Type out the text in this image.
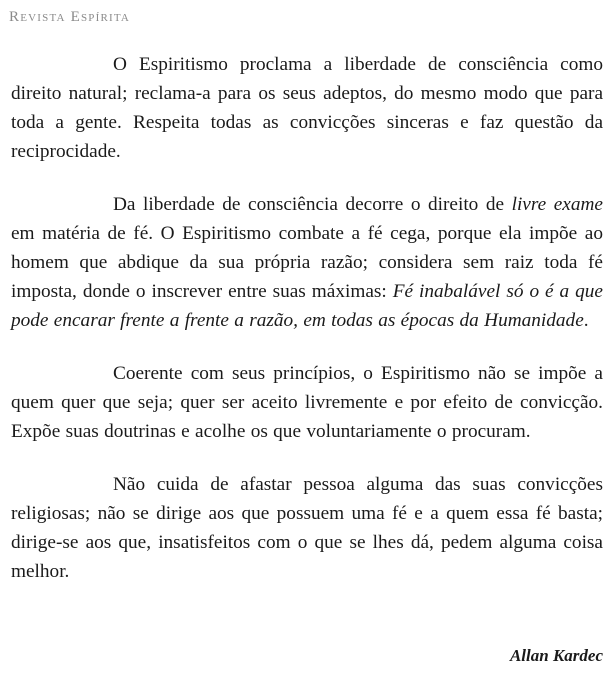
Revista Espírita

O Espiritismo proclama a liberdade de consciência como direito natural; reclama-a para os seus adeptos, do mesmo modo que para toda a gente. Respeita todas as convicções sinceras e faz questão da reciprocidade.

Da liberdade de consciência decorre o direito de livre exame em matéria de fé. O Espiritismo combate a fé cega, porque ela impõe ao homem que abdique da sua própria razão; considera sem raiz toda fé imposta, donde o inscrever entre suas máximas: Fé inabalável só o é a que pode encarar frente a frente a razão, em todas as épocas da Humanidade.

Coerente com seus princípios, o Espiritismo não se impõe a quem quer que seja; quer ser aceito livremente e por efeito de convicção. Expõe suas doutrinas e acolhe os que voluntariamente o procuram.

Não cuida de afastar pessoa alguma das suas convicções religiosas; não se dirige aos que possuem uma fé e a quem essa fé basta; dirige-se aos que, insatisfeitos com o que se lhes dá, pedem alguma coisa melhor.

Allan Kardec
